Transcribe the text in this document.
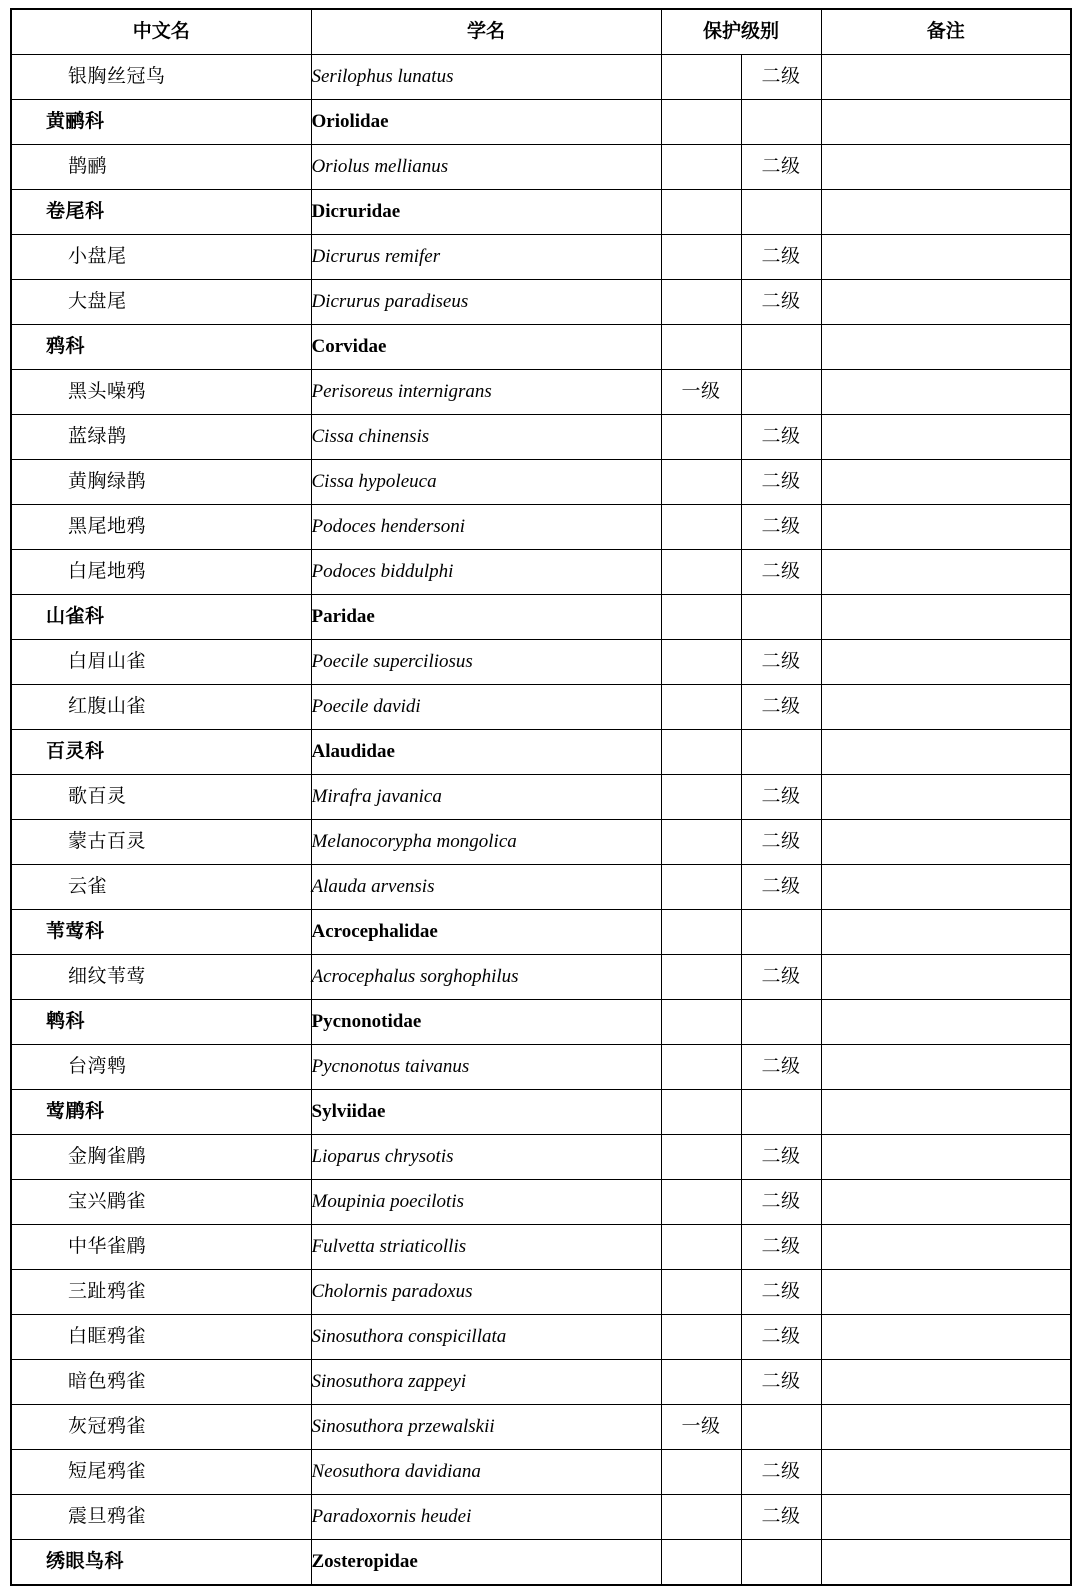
中文名	学名	保护级别		备注
银胸丝冠鸟	Serilophus lunatus		二级	
黄鹂科	Oriolidae			
鹊鹂	Oriolus mellianus		二级	
卷尾科	Dicruridae			
小盘尾	Dicrurus remifer		二级	
大盘尾	Dicrurus paradiseus		二级	
鸦科	Corvidae			
黑头噪鸦	Perisoreus internigrans	一级		
蓝绿鹊	Cissa chinensis		二级	
黄胸绿鹊	Cissa hypoleuca		二级	
黑尾地鸦	Podoces hendersoni		二级	
白尾地鸦	Podoces biddulphi		二级	
山雀科	Paridae			
白眉山雀	Poecile superciliosus		二级	
红腹山雀	Poecile davidi		二级	
百灵科	Alaudidae			
歌百灵	Mirafra javanica		二级	
蒙古百灵	Melanocorypha mongolica		二级	
云雀	Alauda arvensis		二级	
苇莺科	Acrocephalidae			
细纹苇莺	Acrocephalus sorghophilus		二级	
鹎科	Pycnonotidae			
台湾鹎	Pycnonotus taivanus		二级	
莺鹛科	Sylviidae			
金胸雀鹛	Lioparus chrysotis		二级	
宝兴鹛雀	Moupinia poecilotis		二级	
中华雀鹛	Fulvetta striaticollis		二级	
三趾鸦雀	Cholornis paradoxus		二级	
白眶鸦雀	Sinosuthora conspicillata		二级	
暗色鸦雀	Sinosuthora zappeyi		二级	
灰冠鸦雀	Sinosuthora przewalskii	一级		
短尾鸦雀	Neosuthora davidiana		二级	
震旦鸦雀	Paradoxornis heudei		二级	
绣眼鸟科	Zosteropidae			
